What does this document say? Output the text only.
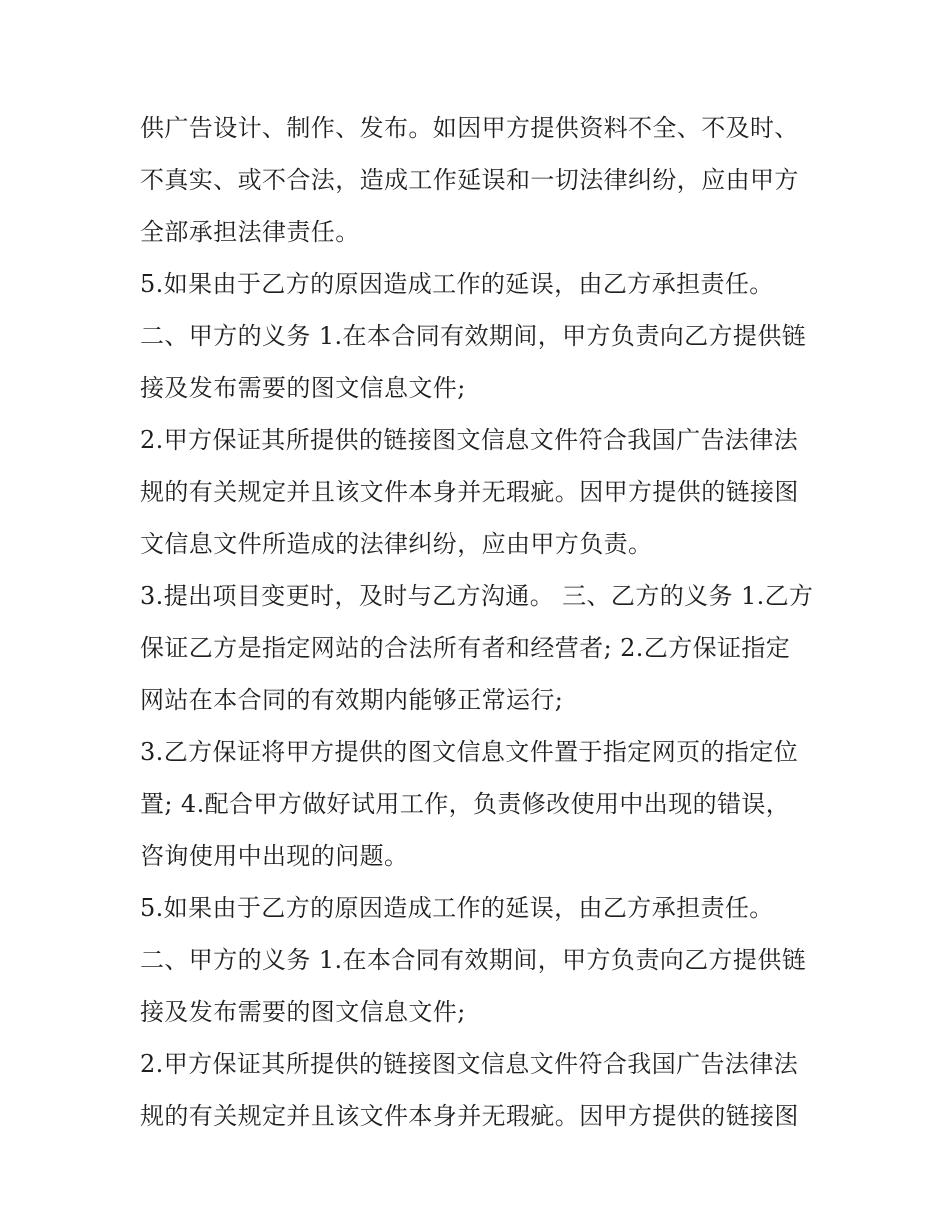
供广告设计、制作、发布。如因甲方提供资料不全、不及时、
不真实、或不合法，造成工作延误和一切法律纠纷，应由甲方
全部承担法律责任。
5.如果由于乙方的原因造成工作的延误，由乙方承担责任。
二、甲方的义务 1.在本合同有效期间，甲方负责向乙方提供链
接及发布需要的图文信息文件;
2.甲方保证其所提供的链接图文信息文件符合我国广告法律法
规的有关规定并且该文件本身并无瑕疵。因甲方提供的链接图
文信息文件所造成的法律纠纷，应由甲方负责。
3.提出项目变更时，及时与乙方沟通。 三、乙方的义务 1.乙方
保证乙方是指定网站的合法所有者和经营者; 2.乙方保证指定
网站在本合同的有效期内能够正常运行;
3.乙方保证将甲方提供的图文信息文件置于指定网页的指定位
置; 4.配合甲方做好试用工作，负责修改使用中出现的错误，
咨询使用中出现的问题。
5.如果由于乙方的原因造成工作的延误，由乙方承担责任。
二、甲方的义务 1.在本合同有效期间，甲方负责向乙方提供链
接及发布需要的图文信息文件;
2.甲方保证其所提供的链接图文信息文件符合我国广告法律法
规的有关规定并且该文件本身并无瑕疵。因甲方提供的链接图
